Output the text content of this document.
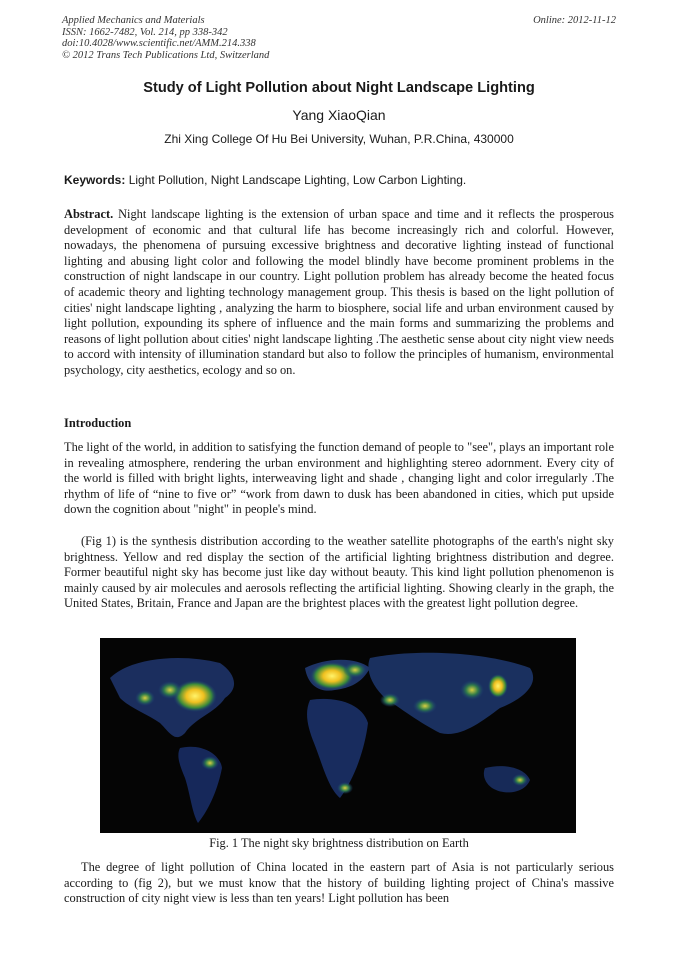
Applied Mechanics and Materials
ISSN: 1662-7482, Vol. 214, pp 338-342
doi:10.4028/www.scientific.net/AMM.214.338
© 2012 Trans Tech Publications Ltd, Switzerland
Online: 2012-11-12
Study of Light Pollution about Night Landscape Lighting
Yang XiaoQian
Zhi Xing College Of Hu Bei University, Wuhan, P.R.China, 430000
Keywords: Light Pollution, Night Landscape Lighting, Low Carbon Lighting.

Abstract. Night landscape lighting is the extension of urban space and time and it reflects the prosperous development of economic and that cultural life has become increasingly rich and colorful. However, nowadays, the phenomena of pursuing excessive brightness and decorative lighting instead of functional lighting and abusing light color and following the model blindly have become prominent problems in the construction of night landscape in our country. Light pollution problem has already become the heated focus of academic theory and lighting technology management group. This thesis is based on the light pollution of cities' night landscape lighting , analyzing the harm to biosphere, social life and urban environment caused by light pollution, expounding its sphere of influence and the main forms and summarizing the problems and reasons of light pollution about cities' night landscape lighting .The aesthetic sense about city night view needs to accord with intensity of illumination standard but also to follow the principles of humanism, environmental psychology, city aesthetics, ecology and so on.

Introduction

The light of the world, in addition to satisfying the function demand of people to "see", plays an important role in revealing atmosphere, rendering the urban environment and highlighting stereo adornment. Every city of the world is filled with bright lights, interweaving light and shade , changing light and color irregularly .The rhythm of life of “nine to five or” “work from dawn to dusk has been abandoned in cities, which put upside down the cognition about "night" in people's mind.

(Fig 1) is the synthesis distribution according to the weather satellite photographs of the earth's night sky brightness. Yellow and red display the section of the artificial lighting brightness distribution and degree. Former beautiful night sky has become just like day without beauty. This kind light pollution phenomenon is mainly caused by air molecules and aerosols reflecting the artificial lighting. Showing clearly in the graph, the United States, Britain, France and Japan are the brightest places with the greatest light pollution degree.

Fig. 1 The night sky brightness distribution on Earth

The degree of light pollution of China located in the eastern part of Asia is not particularly serious according to (fig 2), but we must know that the history of building lighting project of China's massive construction of city night view is less than ten years! Light pollution has been
